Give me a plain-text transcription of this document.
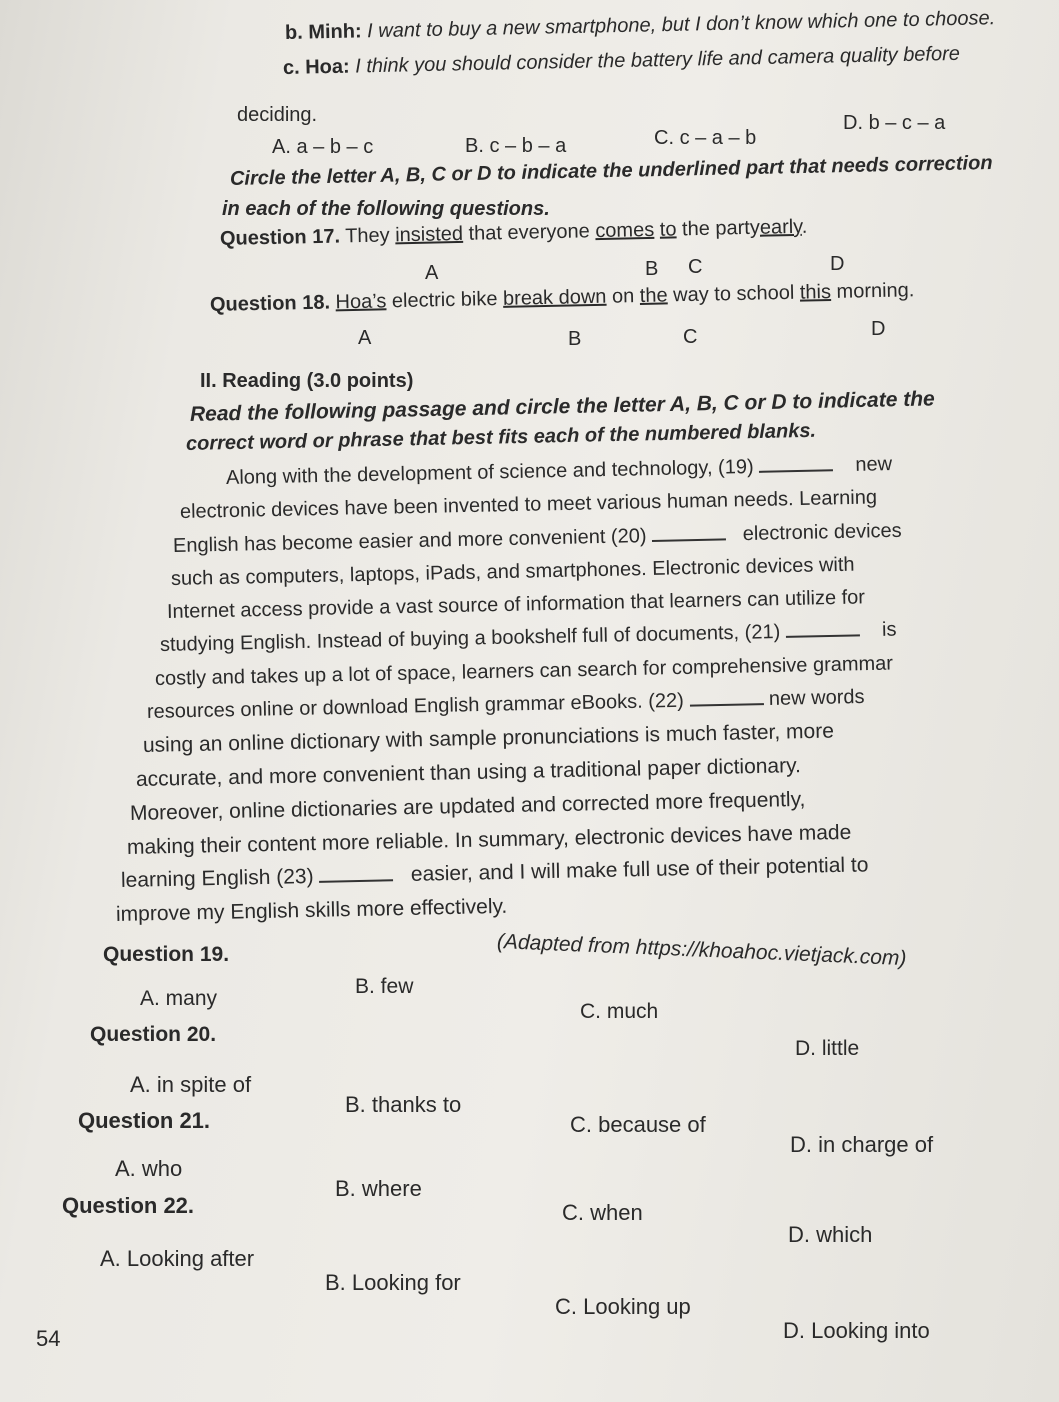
b. Minh: I want to buy a new smartphone, but I don’t know which one to choose.
c. Hoa: I think you should consider the battery life and camera quality before
deciding.
A. a – b – c	B. c – b – a	C. c – a – b
D. b – c – a
Circle the letter A, B, C or D to indicate the underlined part that needs correction
in each of the following questions.
Question 17. They insisted that everyone comes to the partyearly.
A	B C	D
Question 18. Hoa’s electric bike break down on the way to school this morning.
A	B	C	D
II. Reading (3.0 points)
Read the following passage and circle the letter A, B, C or D to indicate the
correct word or phrase that best fits each of the numbered blanks.
Along with the development of science and technology, (19)	new
electronic devices have been invented to meet various human needs. Learning
English has become easier and more convenient (20)	electronic devices
such as computers, laptops, iPads, and smartphones. Electronic devices with
Internet access provide a vast source of information that learners can utilize for
studying English. Instead of buying a bookshelf full of documents, (21)	is
costly and takes up a lot of space, learners can search for comprehensive grammar
resources online or download English grammar eBooks. (22)	new words
using an online dictionary with sample pronunciations is much faster, more
accurate, and more convenient than using a traditional paper dictionary.
Moreover, online dictionaries are updated and corrected more frequently,
making their content more reliable. In summary, electronic devices have made
learning English (23)	easier, and I will make full use of their potential to
improve my English skills more effectively.
(Adapted from https://khoahoc.vietjack.com)
Question 19.
A. many
B. few
C. much
D. little
Question 20.
A. in spite of
B. thanks to
C. because of
D. in charge of
Question 21.
A. who
B. where
C. when
D. which
Question 22.
A. Looking after
B. Looking for
C. Looking up
D. Looking into
54
